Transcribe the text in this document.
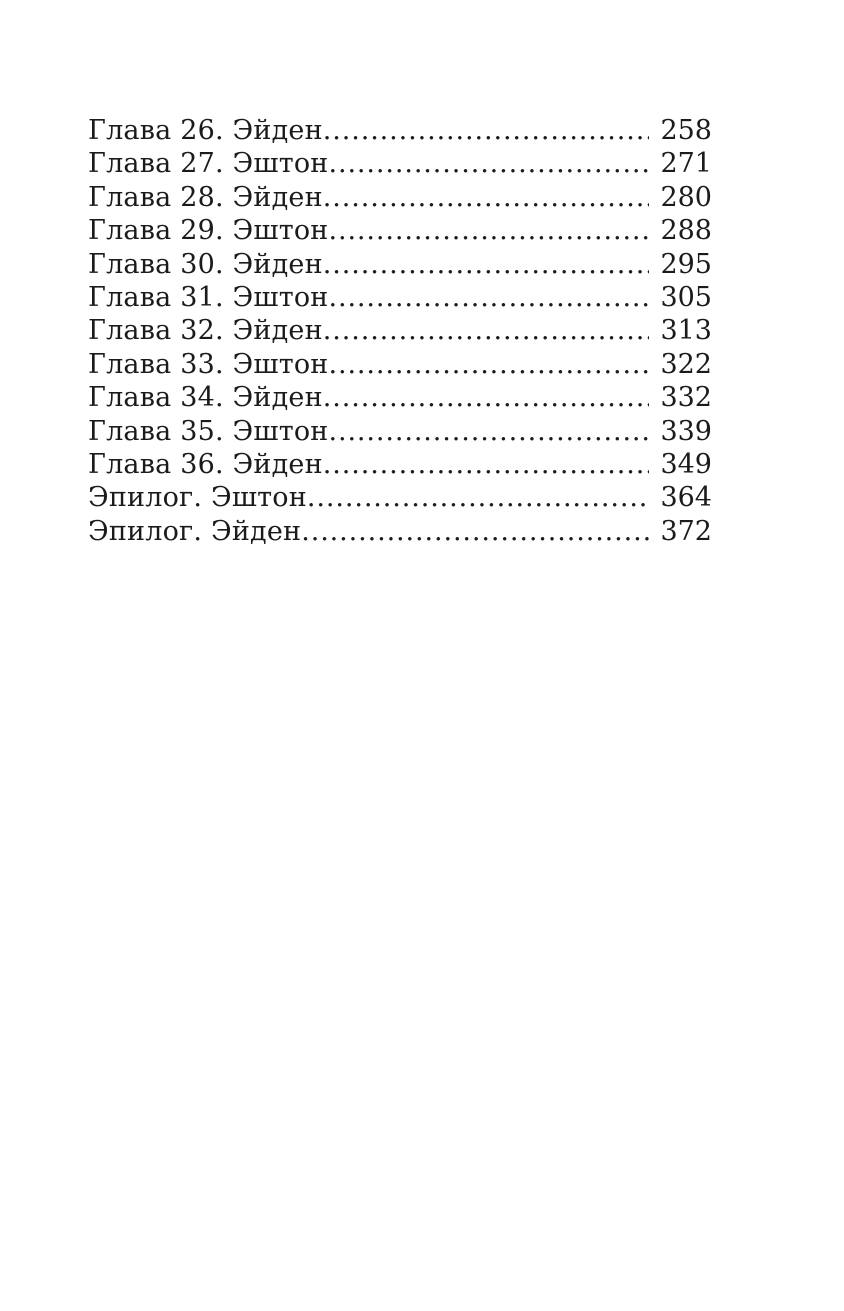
Глава 26. Эйден .....	258
Глава 27. Эштон .....	271
Глава 28. Эйден .....	280
Глава 29. Эштон .....	288
Глава 30. Эйден .....	295
Глава 31. Эштон .....	305
Глава 32. Эйден .....	313
Глава 33. Эштон .....	322
Глава 34. Эйден .....	332
Глава 35. Эштон .....	339
Глава 36. Эйден .....	349
Эпилог. Эштон .....	364
Эпилог. Эйден .....	372
